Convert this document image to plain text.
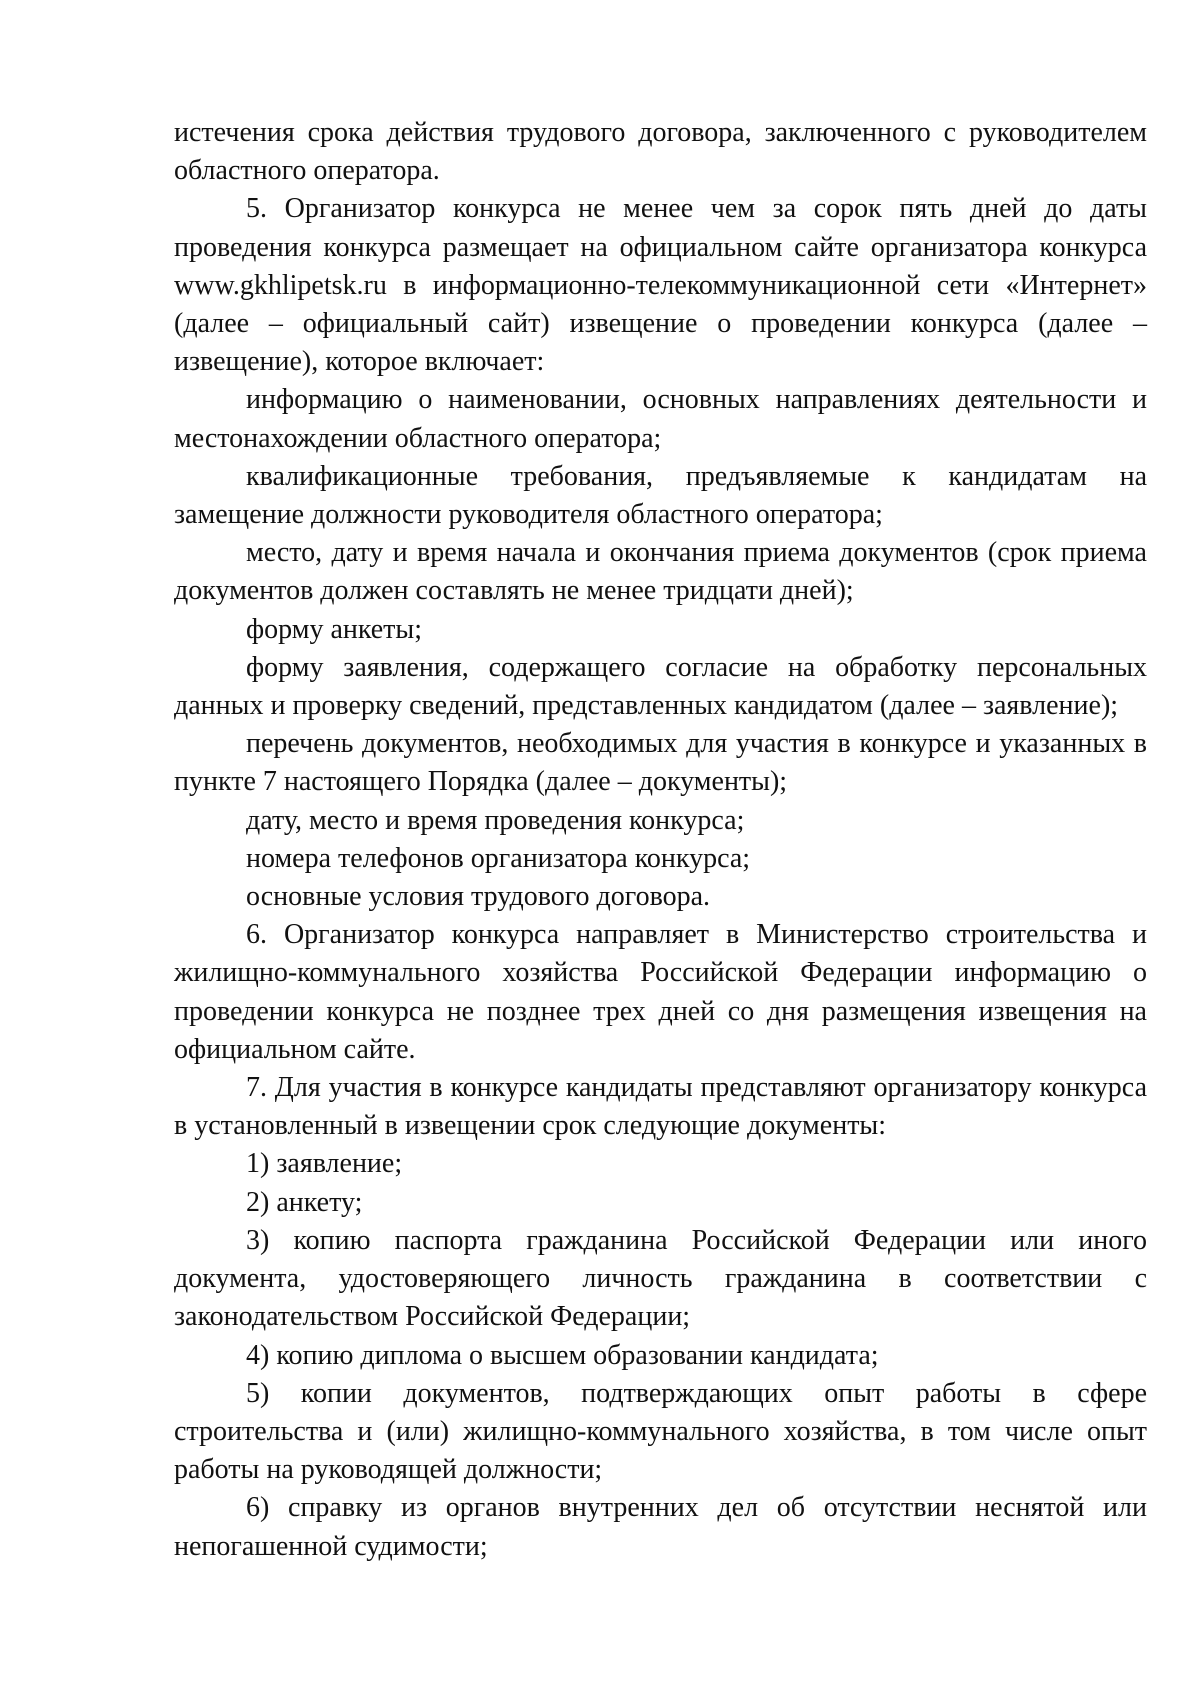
истечения срока действия трудового договора, заключенного с руководителем областного оператора.

5. Организатор конкурса не менее чем за сорок пять дней до даты проведения конкурса размещает на официальном сайте организатора конкурса www.gkhlipetsk.ru в информационно-телекоммуникационной сети «Интернет» (далее – официальный сайт) извещение о проведении конкурса (далее – извещение), которое включает:

информацию о наименовании, основных направлениях деятельности и местонахождении областного оператора;

квалификационные требования, предъявляемые к кандидатам на замещение должности руководителя областного оператора;

место, дату и время начала и окончания приема документов (срок приема документов должен составлять не менее тридцати дней);

форму анкеты;

форму заявления, содержащего согласие на обработку персональных данных и проверку сведений, представленных кандидатом (далее – заявление);

перечень документов, необходимых для участия в конкурсе и указанных в пункте 7 настоящего Порядка (далее – документы);

дату, место и время проведения конкурса;

номера телефонов организатора конкурса;

основные условия трудового договора.

6. Организатор конкурса направляет в Министерство строительства и жилищно-коммунального хозяйства Российской Федерации информацию о проведении конкурса не позднее трех дней со дня размещения извещения на официальном сайте.

7. Для участия в конкурсе кандидаты представляют организатору конкурса в установленный в извещении срок следующие документы:

1) заявление;

2) анкету;

3) копию паспорта гражданина Российской Федерации или иного документа, удостоверяющего личность гражданина в соответствии с законодательством Российской Федерации;

4) копию диплома о высшем образовании кандидата;

5) копии документов, подтверждающих опыт работы в сфере строительства и (или) жилищно-коммунального хозяйства, в том числе опыт работы на руководящей должности;

6) справку из органов внутренних дел об отсутствии неснятой или непогашенной судимости;
